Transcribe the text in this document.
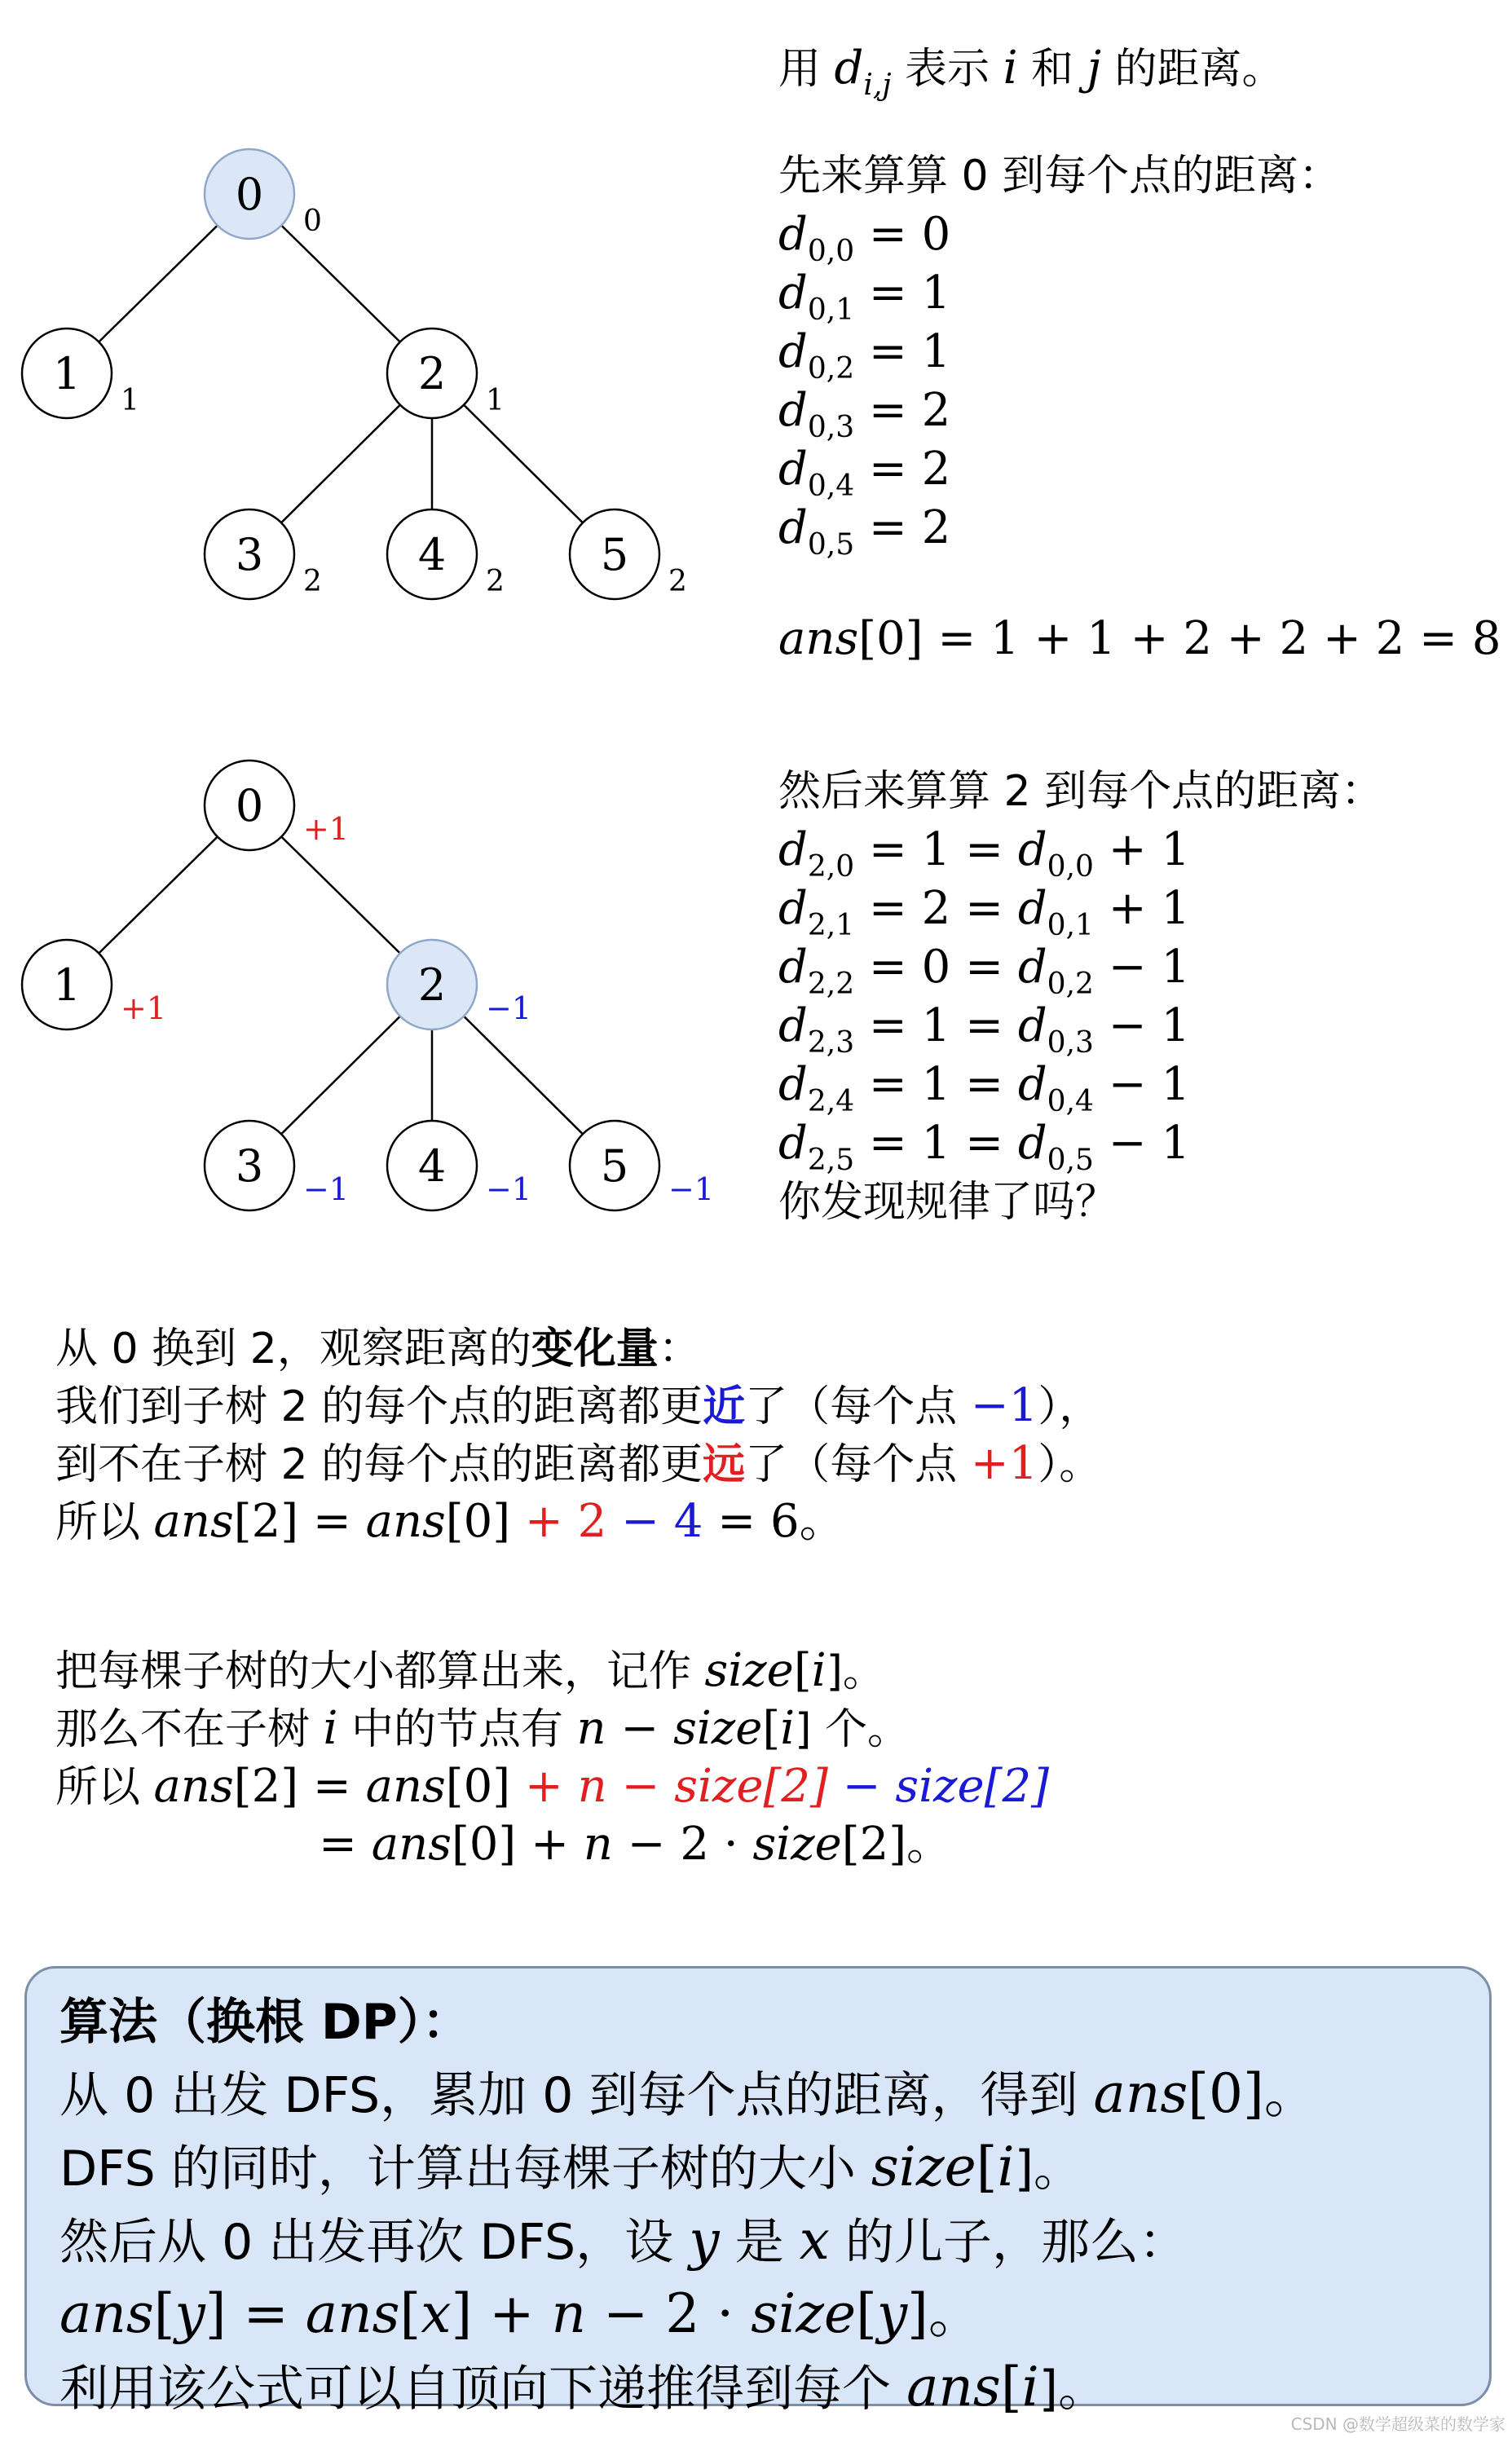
0
1	2
3	4	5
0
1	1
2	2	2
用 $d_{i,j}$ 表示 i 和 j 的距离。
先来算算 0 到每个点的距离：
$d_{0,0} = 0$
$d_{0,1} = 1$
$d_{0,2} = 1$
$d_{0,3} = 2$
$d_{0,4} = 2$
$d_{0,5} = 2$
ans[0] = 1 + 1 + 2 + 2 + 2 = 8
0
1	2
3	4	5
+1
+1	−1
−1	−1	−1
然后来算算 2 到每个点的距离：
$d_{2,0} = 1 = d_{0,0} + 1$
$d_{2,1} = 2 = d_{0,1} + 1$
$d_{2,2} = 0 = d_{0,2} - 1$
$d_{2,3} = 1 = d_{0,3} - 1$
$d_{2,4} = 1 = d_{0,4} - 1$
$d_{2,5} = 1 = d_{0,5} - 1$
你发现规律了吗？
从 0 换到 2，观察距离的变化量：
我们到子树 2 的每个点的距离都更近了（每个点 −1），
到不在子树 2 的每个点的距离都更远了（每个点 +1）。
所以 ans[2] = ans[0] + 2 − 4 = 6。
把每棵子树的大小都算出来，记作 size[i]。
那么不在子树 i 中的节点有 n − size[i] 个。
所以 ans[2] = ans[0] + n − size[2] − size[2]
= ans[0] + n − 2 · size[2]。
算法（换根 DP）：
从 0 出发 DFS，累加 0 到每个点的距离，得到 ans[0]。
DFS 的同时，计算出每棵子树的大小 size[i]。
然后从 0 出发再次 DFS，设 y 是 x 的儿子，那么：
ans[y] = ans[x] + n − 2 · size[y]。
利用该公式可以自顶向下递推得到每个 ans[i]。
CSDN @数学超级菜的数学家
